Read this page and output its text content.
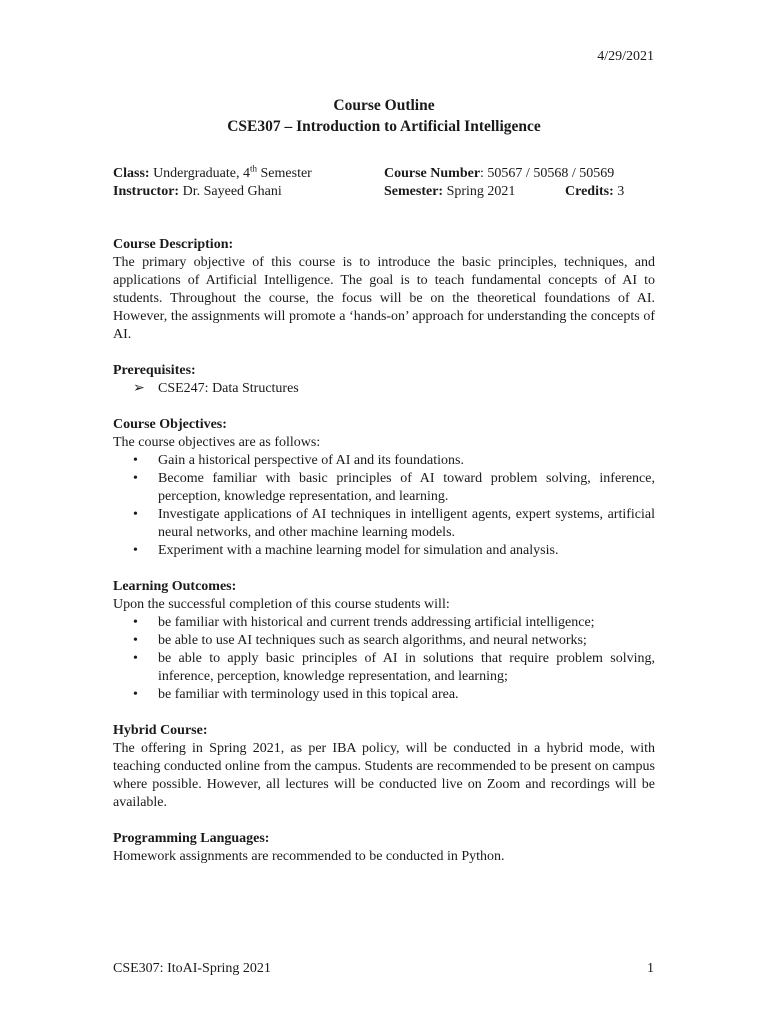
4/29/2021
Course Outline
CSE307 – Introduction to Artificial Intelligence
Class: Undergraduate, 4th Semester	Course Number: 50567 / 50568 / 50569
Instructor: Dr. Sayeed Ghani	Semester: Spring 2021	Credits: 3
Course Description:

The primary objective of this course is to introduce the basic principles, techniques, and applications of Artificial Intelligence. The goal is to teach fundamental concepts of AI to students. Throughout the course, the focus will be on the theoretical foundations of AI. However, the assignments will promote a ‘hands-on’ approach for understanding the concepts of AI.

Prerequisites:
➢ CSE247: Data Structures
Course Objectives:

The course objectives are as follows:

• Gain a historical perspective of AI and its foundations.
• Become familiar with basic principles of AI toward problem solving, inference, perception, knowledge representation, and learning.
• Investigate applications of AI techniques in intelligent agents, expert systems, artificial neural networks, and other machine learning models.
• Experiment with a machine learning model for simulation and analysis.
Learning Outcomes:

Upon the successful completion of this course students will:

• be familiar with historical and current trends addressing artificial intelligence;
• be able to use AI techniques such as search algorithms, and neural networks;
• be able to apply basic principles of AI in solutions that require problem solving, inference, perception, knowledge representation, and learning;
• be familiar with terminology used in this topical area.
Hybrid Course:

The offering in Spring 2021, as per IBA policy, will be conducted in a hybrid mode, with teaching conducted online from the campus. Students are recommended to be present on campus where possible. However, all lectures will be conducted live on Zoom and recordings will be available.

Programming Languages:

Homework assignments are recommended to be conducted in Python.

CSE307: ItoAI-Spring 2021	1
